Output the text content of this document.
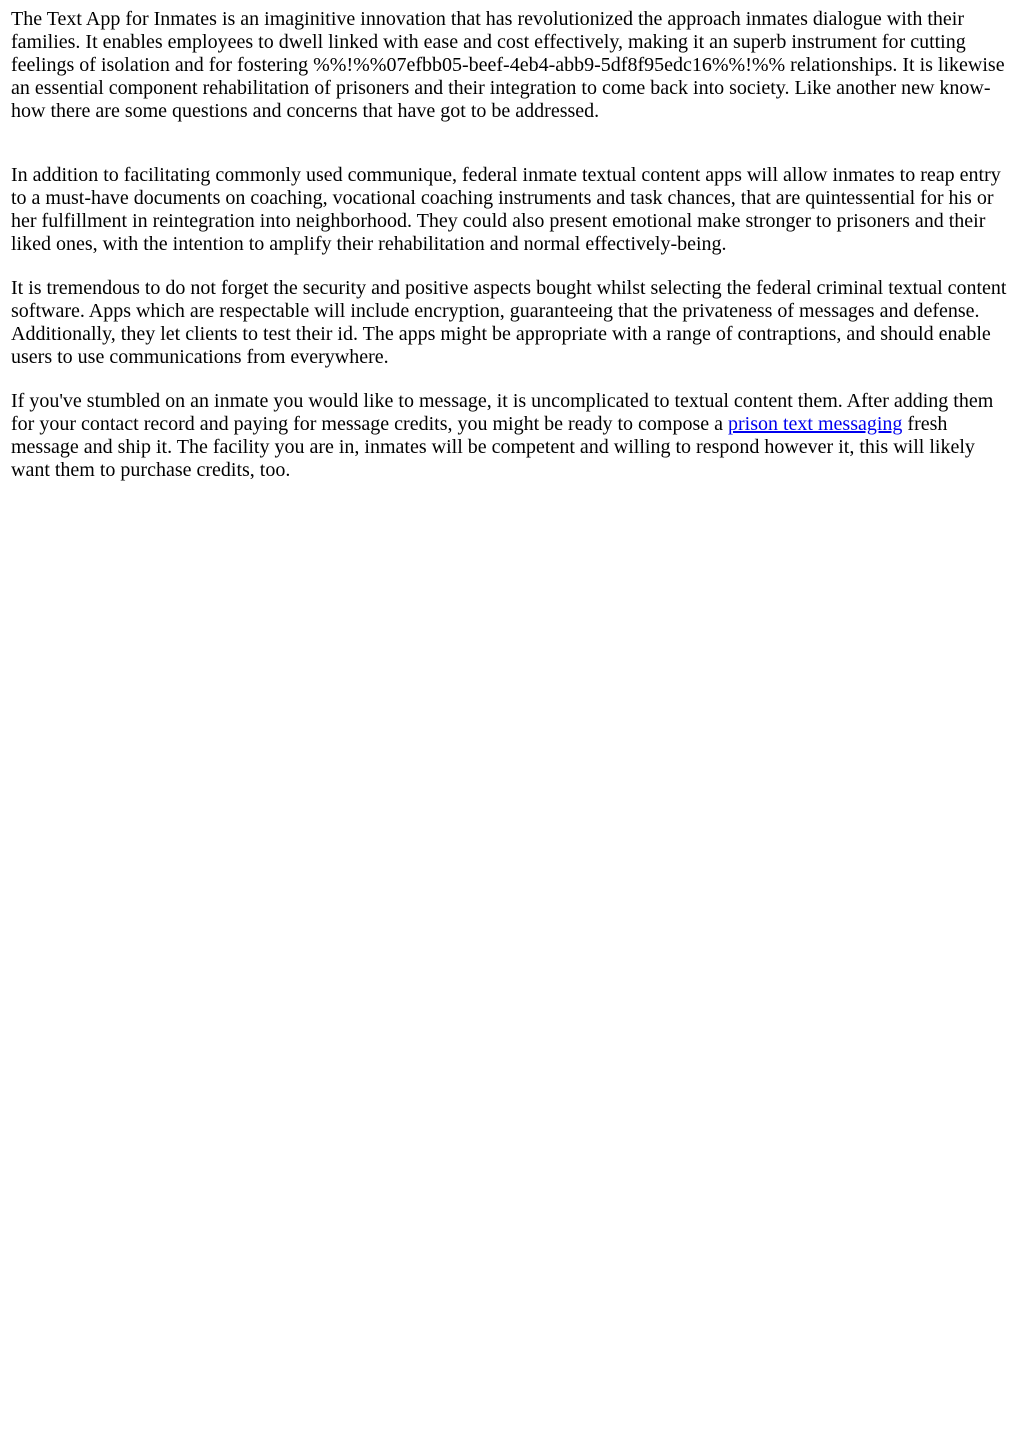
The Text App for Inmates is an imaginitive innovation that has revolutionized the approach inmates dialogue with their families. It enables employees to dwell linked with ease and cost effectively, making it an superb instrument for cutting feelings of isolation and for fostering %%!%%07efbb05-beef-4eb4-abb9-5df8f95edc16%%!%% relationships. It is likewise an essential component rehabilitation of prisoners and their integration to come back into society. Like another new know-how there are some questions and concerns that have got to be addressed.

In addition to facilitating commonly used communique, federal inmate textual content apps will allow inmates to reap entry to a must-have documents on coaching, vocational coaching instruments and task chances, that are quintessential for his or her fulfillment in reintegration into neighborhood. They could also present emotional make stronger to prisoners and their liked ones, with the intention to amplify their rehabilitation and normal effectively-being.

It is tremendous to do not forget the security and positive aspects bought whilst selecting the federal criminal textual content software. Apps which are respectable will include encryption, guaranteeing that the privateness of messages and defense. Additionally, they let clients to test their id. The apps might be appropriate with a range of contraptions, and should enable users to use communications from everywhere.

If you've stumbled on an inmate you would like to message, it is uncomplicated to textual content them. After adding them for your contact record and paying for message credits, you might be ready to compose a prison text messaging fresh message and ship it. The facility you are in, inmates will be competent and willing to respond however it, this will likely want them to purchase credits, too.
